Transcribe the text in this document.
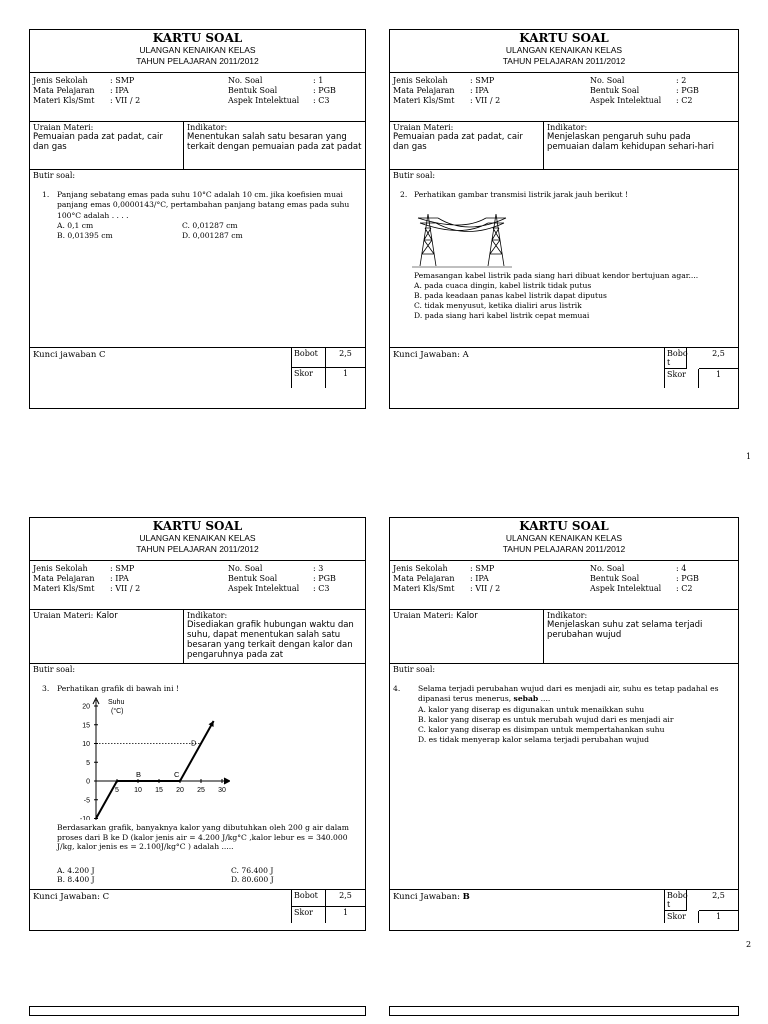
KARTU SOAL
ULANGAN KENAIKAN KELAS
TAHUN PELAJARAN 2011/2012
Jenis Sekolah	: SMP
Mata Pelajaran : IPA
Materi Kls/Smt : VII / 2
No. Soal	: 1
Bentuk Soal	: PGB
Aspek Intelektual : C3
Uraian Materi:
Pemuaian pada zat padat, cair dan gas
Indikator:
Menentukan salah satu besaran yang terkait dengan pemuaian pada zat padat
Butir soal:
1. Panjang sebatang emas pada suhu 10°C adalah 10 cm. jika koefisien muai panjang emas 0,0000143/°C, pertambahan panjang batang emas pada suhu 100°C adalah . . . .
A. 0,1 cm
B. 0,01395 cm
C. 0,01287 cm
D. 0,001287 cm
Kunci jawaban C	Bobot	2,5
Skor	1
KARTU SOAL
ULANGAN KENAIKAN KELAS
TAHUN PELAJARAN 2011/2012
Jenis Sekolah	: SMP
Mata Pelajaran : IPA
Materi Kls/Smt : VII / 2
No. Soal	: 2
Bentuk Soal	: PGB
Aspek Intelektual : C2
Uraian Materi:
Pemuaian pada zat padat, cair dan gas
Indikator:
Menjelaskan pengaruh suhu pada pemuaian dalam kehidupan sehari-hari
Butir soal:
2. Perhatikan gambar transmisi listrik jarak jauh berikut !
Pemasangan kabel listrik pada siang hari dibuat kendor bertujuan agar....
A. pada cuaca dingin, kabel listrik tidak putus
B. pada keadaan panas kabel listrik dapat diputus
C. tidak menyusut, ketika dialiri arus listrik
D. pada siang hari kabel listrik cepat memuai
Kunci Jawaban: A	Bobo t
2,5
Skor	1
1
KARTU SOAL
ULANGAN KENAIKAN KELAS
TAHUN PELAJARAN 2011/2012
Jenis Sekolah	: SMP
Mata Pelajaran : IPA
Materi Kls/Smt : VII / 2
No. Soal	: 3
Bentuk Soal	: PGB
Aspek Intelektual : C3
Uraian Materi: Kalor	Indikator:
Disediakan grafik hubungan waktu dan suhu, dapat menentukan salah satu besaran yang terkait dengan kalor dan pengaruhnya pada zat
Butir soal:
3. Perhatikan grafik di bawah ini !
20
15
10
5
0
-5
-10
5 10 15 20 25 30
Suhu
(°C)
B	C
D
Berdasarkan grafik, banyaknya kalor yang dibutuhkan oleh 200 g air dalam proses dari B ke D (kalor jenis air = 4.200 J/kg°C ,kalor lebur es = 340.000 J/kg, kalor jenis es = 2.100J/kg°C ) adalah .....
A. 4.200 J
B. 8.400 J
C. 76.400 J
D. 80.600 J
Kunci Jawaban: C	Bobot	2,5
Skor	1
KARTU SOAL
ULANGAN KENAIKAN KELAS
TAHUN PELAJARAN 2011/2012
Jenis Sekolah	: SMP
Mata Pelajaran : IPA
Materi Kls/Smt : VII / 2
No. Soal	: 4
Bentuk Soal	: PGB
Aspek Intelektual : C2
Uraian Materi: Kalor	Indikator:
Menjelaskan suhu zat selama terjadi perubahan wujud
Butir soal:
4. Selama terjadi perubahan wujud dari es menjadi air, suhu es tetap padahal es dipanasi terus menerus, sebab ....
A. kalor yang diserap es digunakan untuk menaikkan suhu
B. kalor yang diserap es untuk merubah wujud dari es menjadi air
C. kalor yang diserap es disimpan untuk mempertahankan suhu
D. es tidak menyerap kalor selama terjadi perubahan wujud
Kunci Jawaban: B	Bobo t
2,5
Skor	1
2
